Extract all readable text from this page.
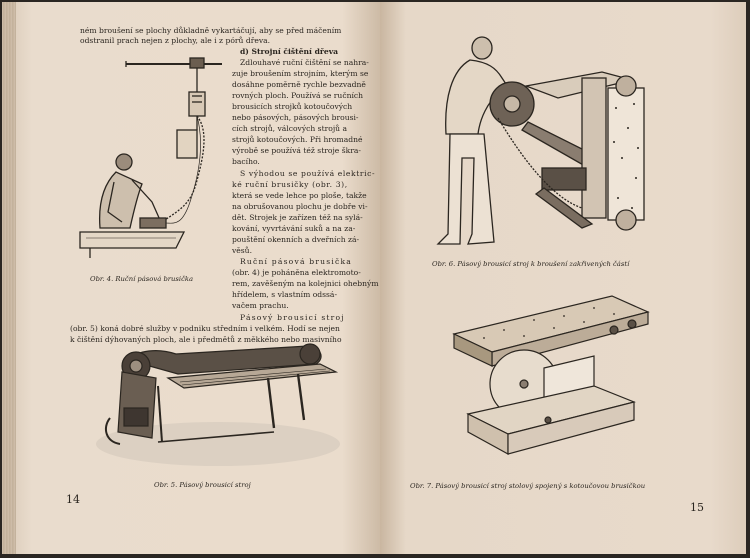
ném broušení se plochy důkladně vykartáčují, aby se před máčením
odstranil prach nejen z plochy, ale i z pórů dřeva.
d) Strojní čištění dřeva
Zdlouhavé ruční čištění se nahra-
zuje broušením strojním, kterým se
dosáhne poměrně rychle bezvadně
rovných ploch. Používá se ručních
brousicích strojků kotoučových
nebo pásových, pásových brousi-
cích strojů, válcových strojů a
strojů kotoučových. Při hromadné
výrobě se používá též stroje škra-
bacího.
S výhodou se používá elektric-
ké ruční brusičky (obr. 3),
která se vede lehce po ploše, takže
na obrušovanou plochu je dobře vi-
dět. Strojek je zařízen též na sylá-
kování, vyvrtávání suků a na za-
pouštění okenních a dveřních zá-
věsů.
Ruční pásová brusička
(obr. 4) je poháněna elektromoto-
rem, zavěšeným na kolejnici ohebným
hřídelem, s vlastním odssá-
vačem prachu.
Pásový brousicí stroj
(obr. 5) koná dobré služby v podniku středním i velkém. Hodí se nejen
k čištění dýhovaných ploch, ale i předmětů z měkkého nebo masivního
Obr. 4. Ruční pásová brusička
Obr. 5. Pásový brousicí stroj
14
Obr. 6. Pásový brousicí stroj k broušení zakřivených částí
Obr. 7. Pásový brousicí stroj stolový spojený s kotoučovou brusičkou
15
